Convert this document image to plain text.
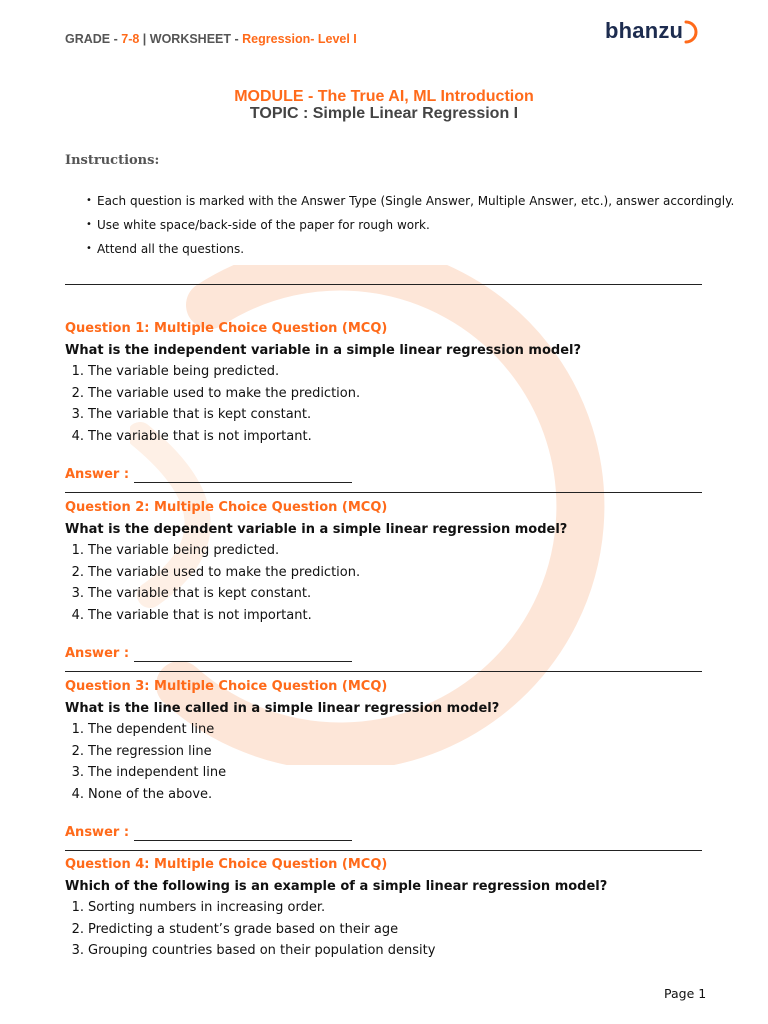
GRADE - 7-8 | WORKSHEET - Regression- Level I	bhanzu
MODULE - The True AI, ML Introduction
TOPIC : Simple Linear Regression I
Instructions:
• Each question is marked with the Answer Type (Single Answer, Multiple Answer, etc.), answer accordingly.
• Use white space/back-side of the paper for rough work.
• Attend all the questions.
Question 1: Multiple Choice Question (MCQ)
What is the independent variable in a simple linear regression model?
1. The variable being predicted.
2. The variable used to make the prediction.
3. The variable that is kept constant.
4. The variable that is not important.
Answer :
Question 2: Multiple Choice Question (MCQ)
What is the dependent variable in a simple linear regression model?
1. The variable being predicted.
2. The variable used to make the prediction.
3. The variable that is kept constant.
4. The variable that is not important.
Answer :
Question 3: Multiple Choice Question (MCQ)
What is the line called in a simple linear regression model?
1. The dependent line
2. The regression line
3. The independent line
4. None of the above.
Answer :
Question 4: Multiple Choice Question (MCQ)
Which of the following is an example of a simple linear regression model?
1. Sorting numbers in increasing order.
2. Predicting a student’s grade based on their age
3. Grouping countries based on their population density
Page 1
